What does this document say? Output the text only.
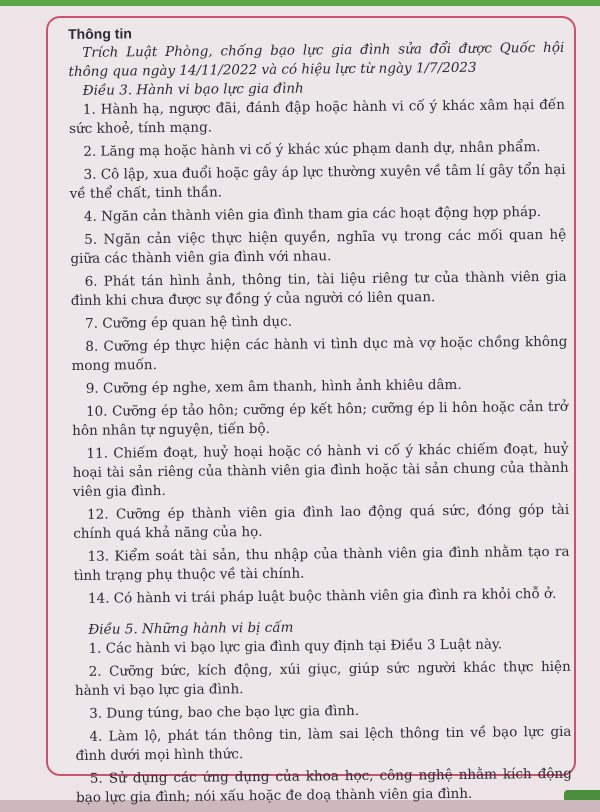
Thông tin

Trích Luật Phòng, chống bạo lực gia đình sửa đổi được Quốc hội thông qua ngày 14/11/2022 và có hiệu lực từ ngày 1/7/2023

Điều 3. Hành vi bạo lực gia đình

1. Hành hạ, ngược đãi, đánh đập hoặc hành vi cố ý khác xâm hại đến sức khoẻ, tính mạng.

2. Lăng mạ hoặc hành vi cố ý khác xúc phạm danh dự, nhân phẩm.

3. Cô lập, xua đuổi hoặc gây áp lực thường xuyên về tâm lí gây tổn hại về thể chất, tinh thần.

4. Ngăn cản thành viên gia đình tham gia các hoạt động hợp pháp.

5. Ngăn cản việc thực hiện quyền, nghĩa vụ trong các mối quan hệ giữa các thành viên gia đình với nhau.

6. Phát tán hình ảnh, thông tin, tài liệu riêng tư của thành viên gia đình khi chưa được sự đồng ý của người có liên quan.

7. Cưỡng ép quan hệ tình dục.

8. Cưỡng ép thực hiện các hành vi tình dục mà vợ hoặc chồng không mong muốn.

9. Cưỡng ép nghe, xem âm thanh, hình ảnh khiêu dâm.

10. Cưỡng ép tảo hôn; cưỡng ép kết hôn; cưỡng ép li hôn hoặc cản trở hôn nhân tự nguyện, tiến bộ.

11. Chiếm đoạt, huỷ hoại hoặc có hành vi cố ý khác chiếm đoạt, huỷ hoại tài sản riêng của thành viên gia đình hoặc tài sản chung của thành viên gia đình.

12. Cưỡng ép thành viên gia đình lao động quá sức, đóng góp tài chính quá khả năng của họ.

13. Kiểm soát tài sản, thu nhập của thành viên gia đình nhằm tạo ra tình trạng phụ thuộc về tài chính.

14. Có hành vi trái pháp luật buộc thành viên gia đình ra khỏi chỗ ở.

Điều 5. Những hành vi bị cấm

1. Các hành vi bạo lực gia đình quy định tại Điều 3 Luật này.

2. Cưỡng bức, kích động, xúi giục, giúp sức người khác thực hiện hành vi bạo lực gia đình.

3. Dung túng, bao che bạo lực gia đình.

4. Làm lộ, phát tán thông tin, làm sai lệch thông tin về bạo lực gia đình dưới mọi hình thức.

5. Sử dụng các ứng dụng của khoa học, công nghệ nhằm kích động bạo lực gia đình; nói xấu hoặc đe doạ thành viên gia đình.
